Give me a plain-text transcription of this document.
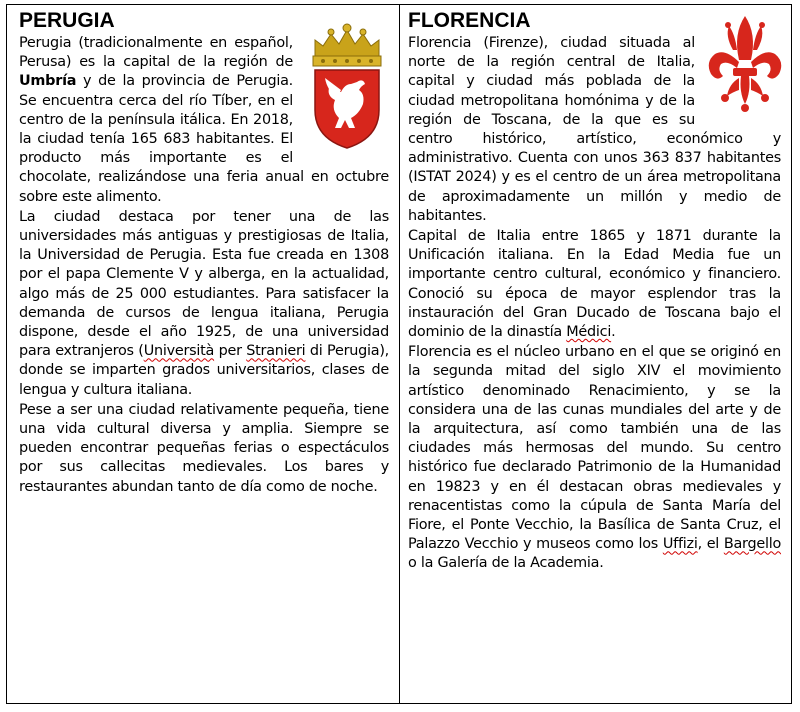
PERUGIA

Perugia (tradicionalmente en español, Perusa) es la capital de la región de Umbría y de la provincia de Perugia. Se encuentra cerca del río Tíber, en el centro de la península itálica. En 2018, la ciudad tenía 165 683 habitantes. El producto más importante es el chocolate, realizándose una feria anual en octubre sobre este alimento.

La ciudad destaca por tener una de las universidades más antiguas y prestigiosas de Italia, la Universidad de Perugia. Esta fue creada en 1308 por el papa Clemente V y alberga, en la actualidad, algo más de 25 000 estudiantes. Para satisfacer la demanda de cursos de lengua italiana, Perugia dispone, desde el año 1925, de una universidad para extranjeros (Università per Stranieri di Perugia), donde se imparten grados universitarios, clases de lengua y cultura italiana.

Pese a ser una ciudad relativamente pequeña, tiene una vida cultural diversa y amplia. Siempre se pueden encontrar pequeñas ferias o espectáculos por sus callecitas medievales. Los bares y restaurantes abundan tanto de día como de noche.

FLORENCIA

Florencia (Firenze), ciudad situada al norte de la región central de Italia, capital y ciudad más poblada de la ciudad metropolitana homónima y de la región de Toscana, de la que es su centro histórico, artístico, económico y administrativo. Cuenta con unos 363 837 habitantes (ISTAT 2024) y es el centro de un área metropolitana de aproximadamente un millón y medio de habitantes.

Capital de Italia entre 1865 y 1871 durante la Unificación italiana. En la Edad Media fue un importante centro cultural, económico y financiero. Conoció su época de mayor esplendor tras la instauración del Gran Ducado de Toscana bajo el dominio de la dinastía Médici.

Florencia es el núcleo urbano en el que se originó en la segunda mitad del siglo XIV el movimiento artístico denominado Renacimiento, y se la considera una de las cunas mundiales del arte y de la arquitectura, así como también una de las ciudades más hermosas del mundo. Su centro histórico fue declarado Patrimonio de la Humanidad en 19823 y en él destacan obras medievales y renacentistas como la cúpula de Santa María del Fiore, el Ponte Vecchio, la Basílica de Santa Cruz, el Palazzo Vecchio y museos como los Uffizi, el Bargello o la Galería de la Academia.
